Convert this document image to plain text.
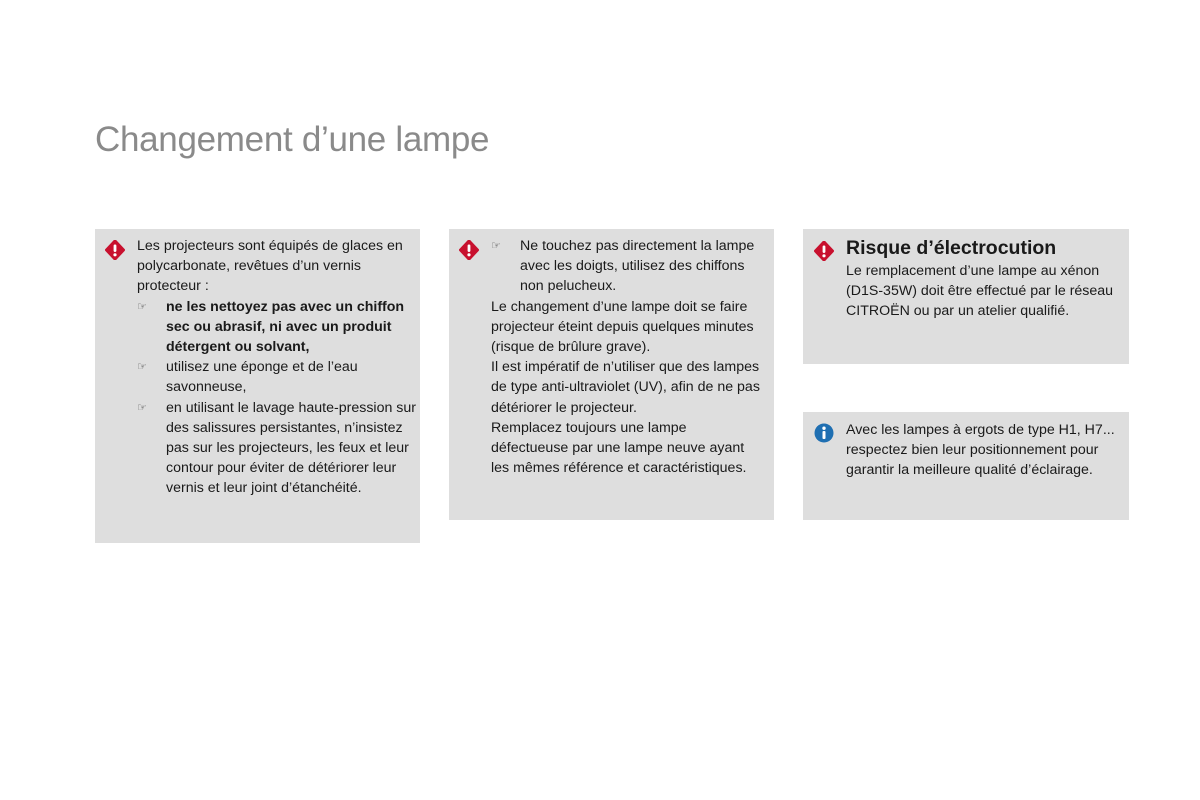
Changement d’une lampe

Les projecteurs sont équipés de glaces en polycarbonate, revêtues d’un vernis protecteur :

☞ ne les nettoyez pas avec un chiffon sec ou abrasif, ni avec un produit détergent ou solvant,
☞ utilisez une éponge et de l’eau savonneuse,
☞ en utilisant le lavage haute-pression sur des salissures persistantes, n’insistez pas sur les projecteurs, les feux et leur contour pour éviter de détériorer leur vernis et leur joint d’étanchéité.
☞ Ne touchez pas directement la lampe avec les doigts, utilisez des chiffons non pelucheux.

Le changement d’une lampe doit se faire projecteur éteint depuis quelques minutes (risque de brûlure grave).

Il est impératif de n’utiliser que des lampes de type anti-ultraviolet (UV), afin de ne pas détériorer le projecteur.

Remplacez toujours une lampe défectueuse par une lampe neuve ayant les mêmes référence et caractéristiques.

Risque d’électrocution

Le remplacement d’une lampe au xénon (D1S-35W) doit être effectué par le réseau CITROËN ou par un atelier qualifié.

Avec les lampes à ergots de type H1, H7... respectez bien leur positionnement pour garantir la meilleure qualité d’éclairage.
